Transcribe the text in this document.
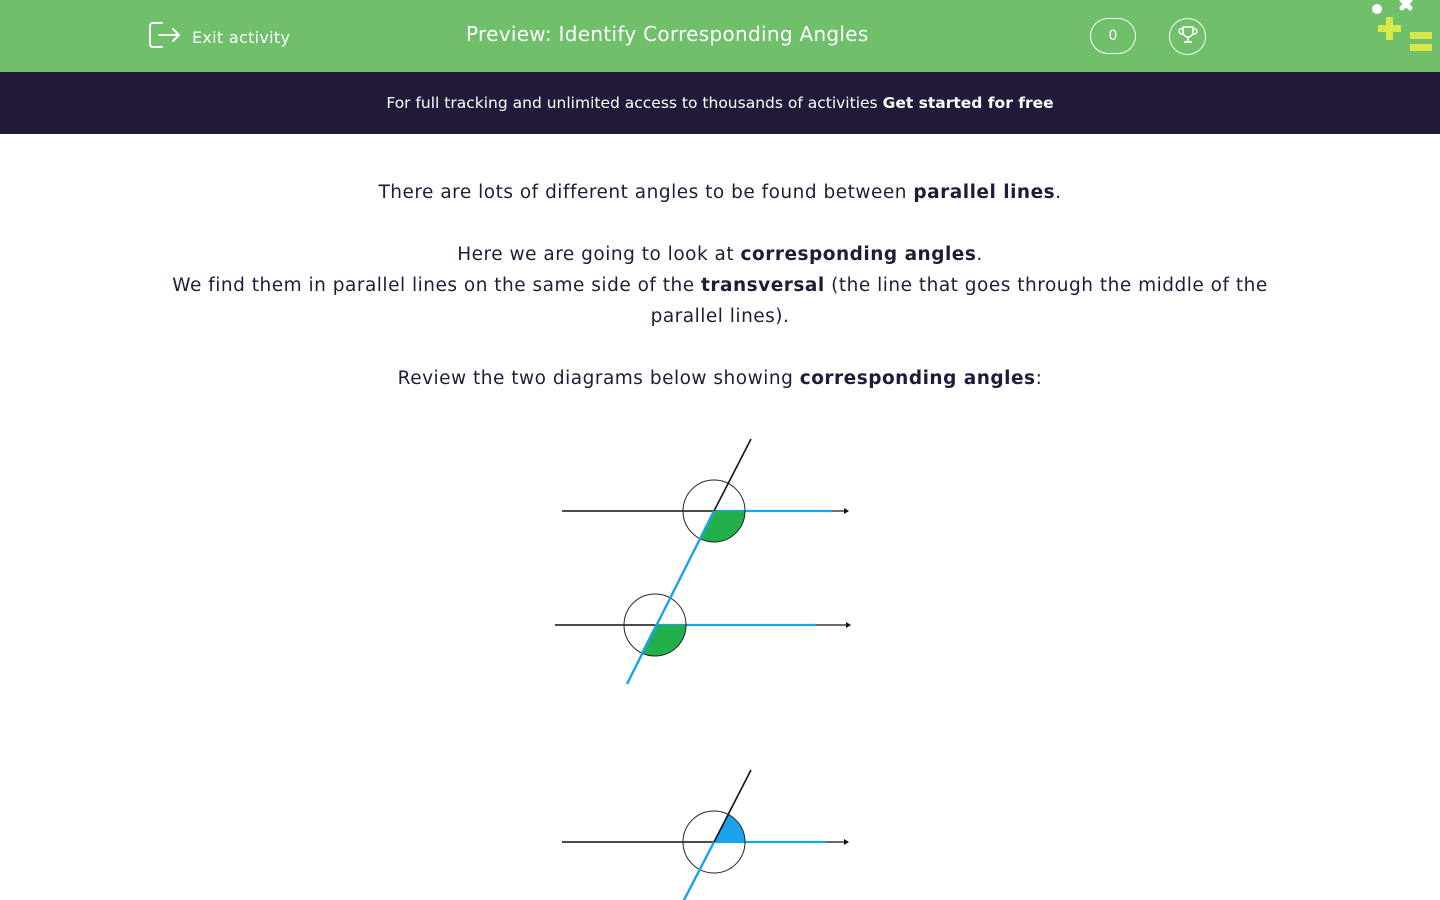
Exit activity	Preview: Identify Corresponding Angles	0
For full tracking and unlimited access to thousands of activities Get started for free

There are lots of different angles to be found between parallel lines.

Here we are going to look at corresponding angles.

We find them in parallel lines on the same side of the transversal (the line that goes through the middle of the parallel lines).

Review the two diagrams below showing corresponding angles:
